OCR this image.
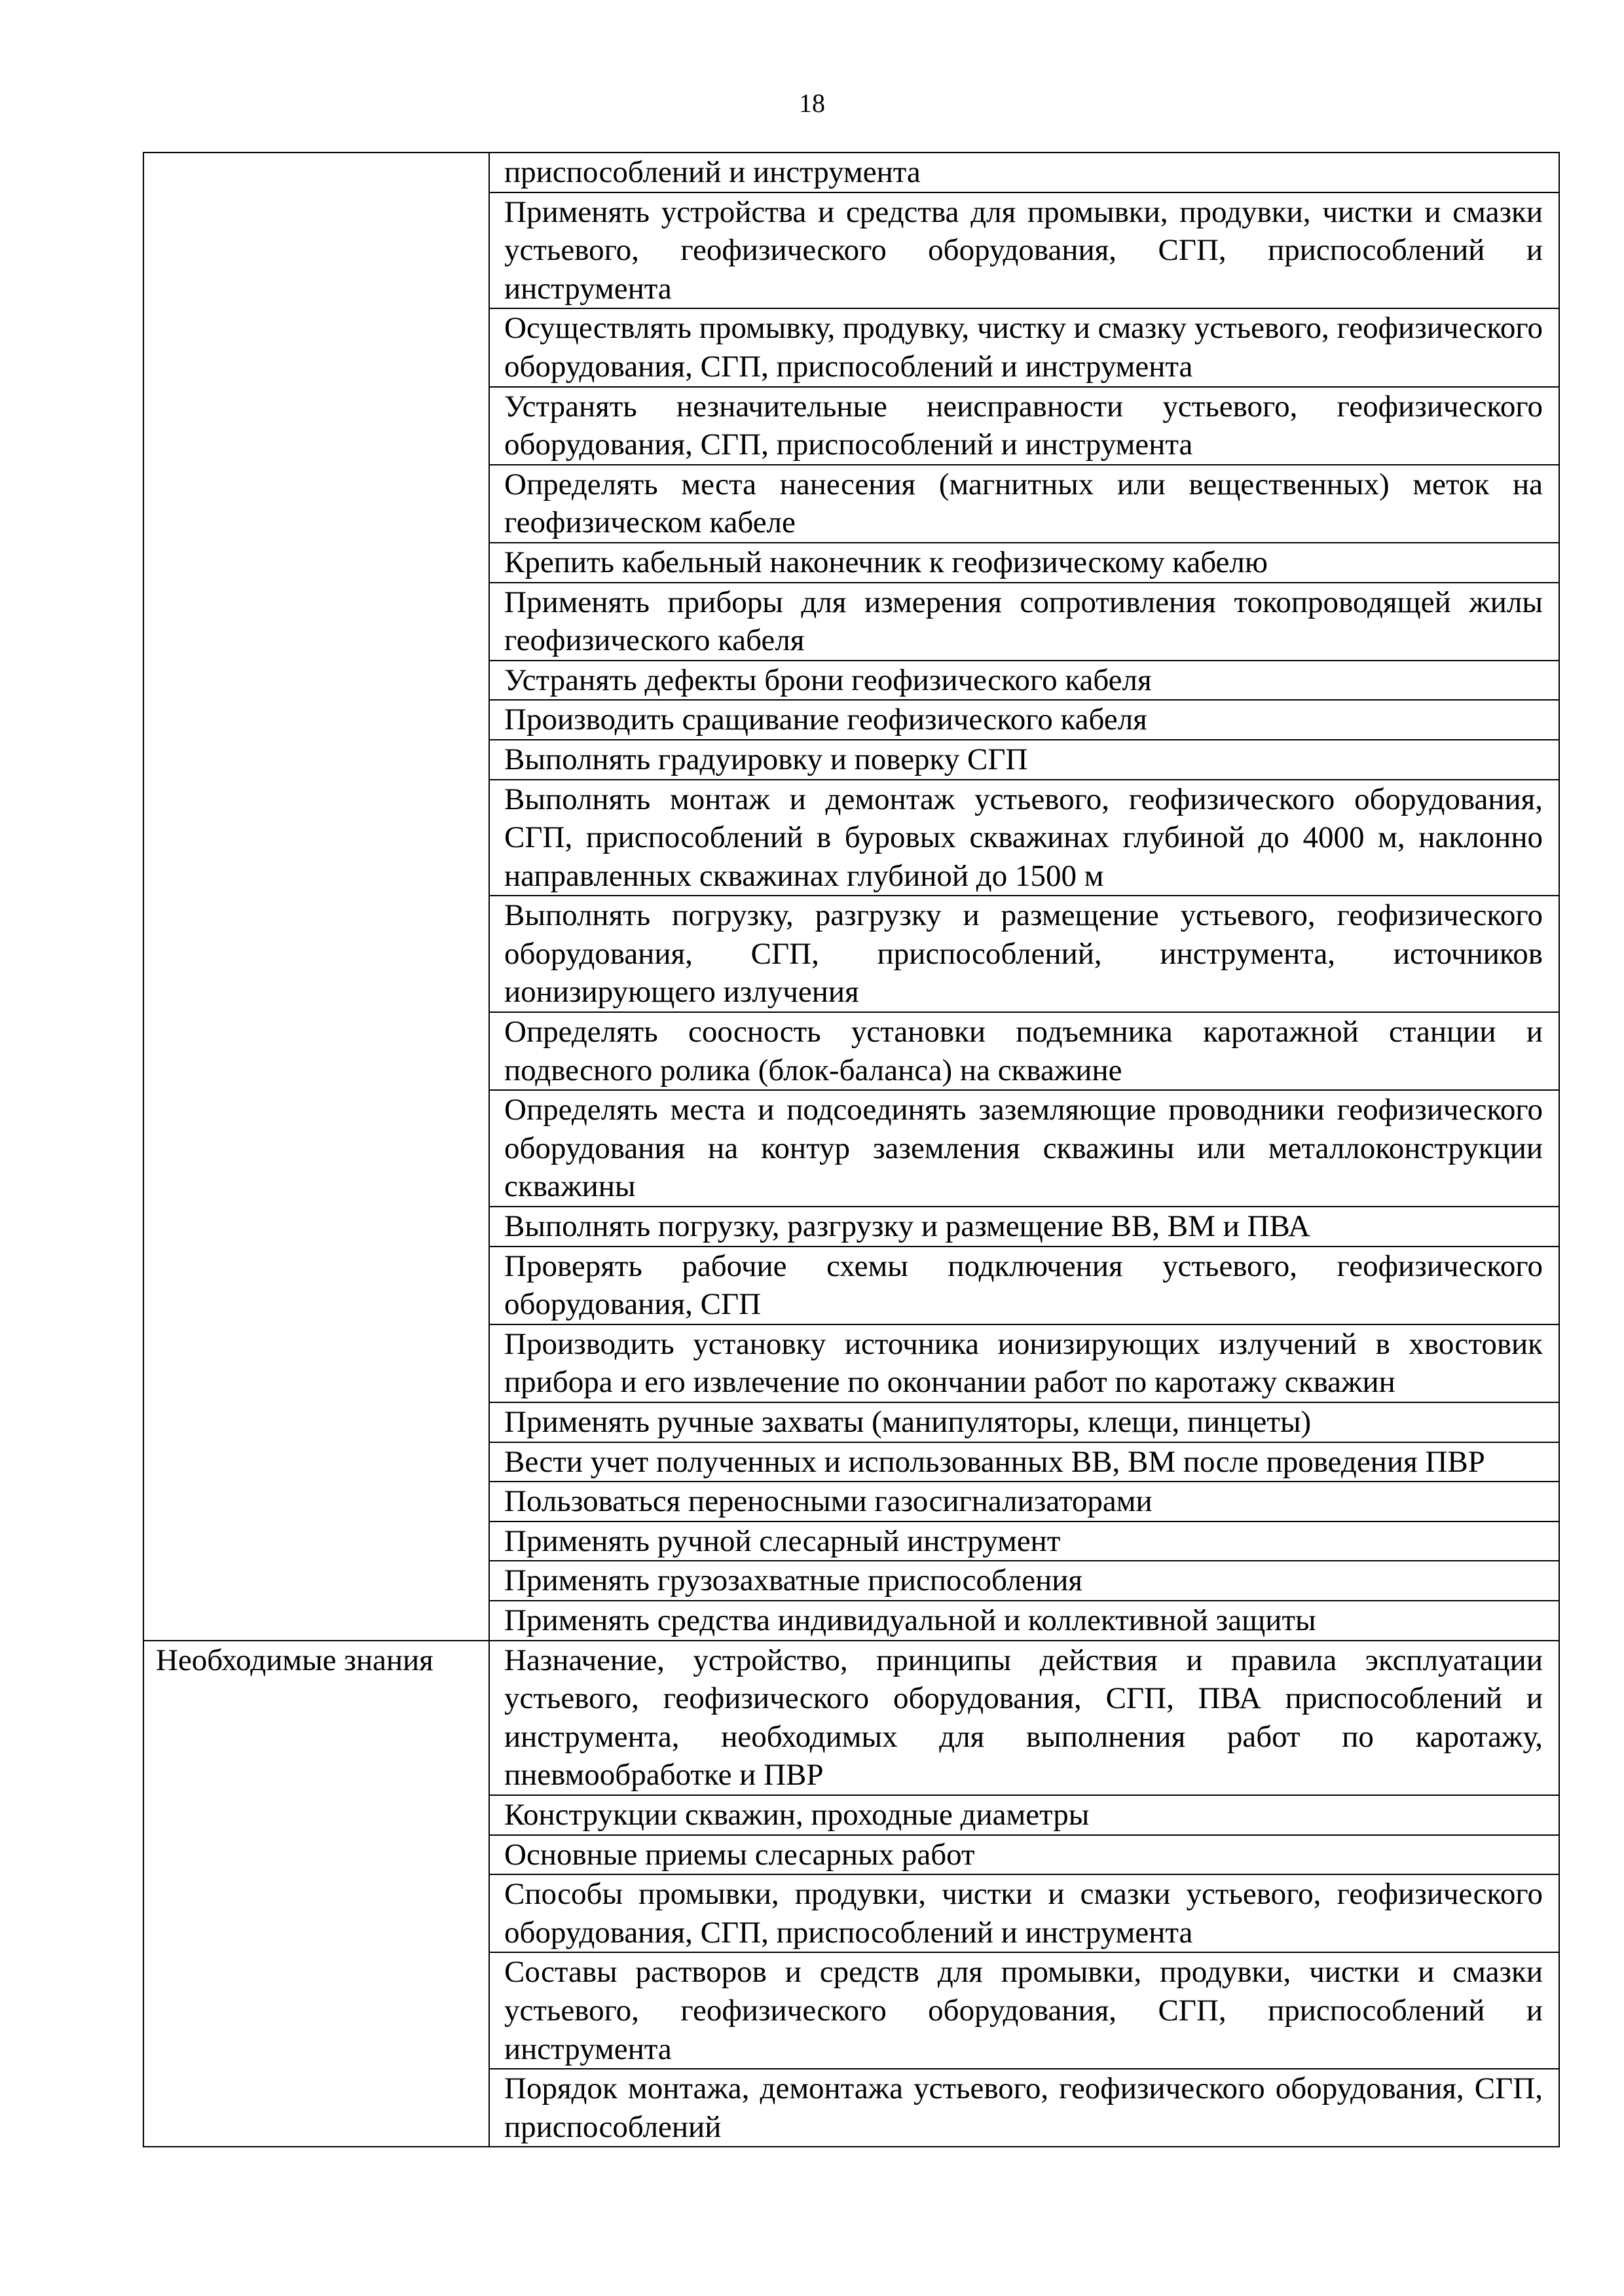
18

	приспособлений и инструмента

	Применять устройства и средства для промывки, продувки, чистки и смазки устьевого, геофизического оборудования, СГП, приспособлений и инструмента

	Осуществлять промывку, продувку, чистку и смазку устьевого, геофизического оборудования, СГП, приспособлений и инструмента

	Устранять незначительные неисправности устьевого, геофизического оборудования, СГП, приспособлений и инструмента

	Определять места нанесения (магнитных или вещественных) меток на геофизическом кабеле

	Крепить кабельный наконечник к геофизическому кабелю

	Применять приборы для измерения сопротивления токопроводящей жилы геофизического кабеля

	Устранять дефекты брони геофизического кабеля

	Производить сращивание геофизического кабеля

	Выполнять градуировку и поверку СГП

	Выполнять монтаж и демонтаж устьевого, геофизического оборудования, СГП, приспособлений в буровых скважинах глубиной до 4000 м, наклонно направленных скважинах глубиной до 1500 м

	Выполнять погрузку, разгрузку и размещение устьевого, геофизического оборудования, СГП, приспособлений, инструмента, источников ионизирующего излучения

	Определять соосность установки подъемника каротажной станции и подвесного ролика (блок-баланса) на скважине

	Определять места и подсоединять заземляющие проводники геофизического оборудования на контур заземления скважины или металлоконструкции скважины

	Выполнять погрузку, разгрузку и размещение ВВ, ВМ и ПВА

	Проверять рабочие схемы подключения устьевого, геофизического оборудования, СГП

	Производить установку источника ионизирующих излучений в хвостовик прибора и его извлечение по окончании работ по каротажу скважин

	Применять ручные захваты (манипуляторы, клещи, пинцеты)

	Вести учет полученных и использованных ВВ, ВМ после проведения ПВР

	Пользоваться переносными газосигнализаторами

	Применять ручной слесарный инструмент

	Применять грузозахватные приспособления

	Применять средства индивидуальной и коллективной защиты

Необходимые знания	Назначение, устройство, принципы действия и правила эксплуатации устьевого, геофизического оборудования, СГП, ПВА приспособлений и инструмента, необходимых для выполнения работ по каротажу, пневмообработке и ПВР

	Конструкции скважин, проходные диаметры

	Основные приемы слесарных работ

	Способы промывки, продувки, чистки и смазки устьевого, геофизического оборудования, СГП, приспособлений и инструмента

	Составы растворов и средств для промывки, продувки, чистки и смазки устьевого, геофизического оборудования, СГП, приспособлений и инструмента

	Порядок монтажа, демонтажа устьевого, геофизического оборудования, СГП, приспособлений
